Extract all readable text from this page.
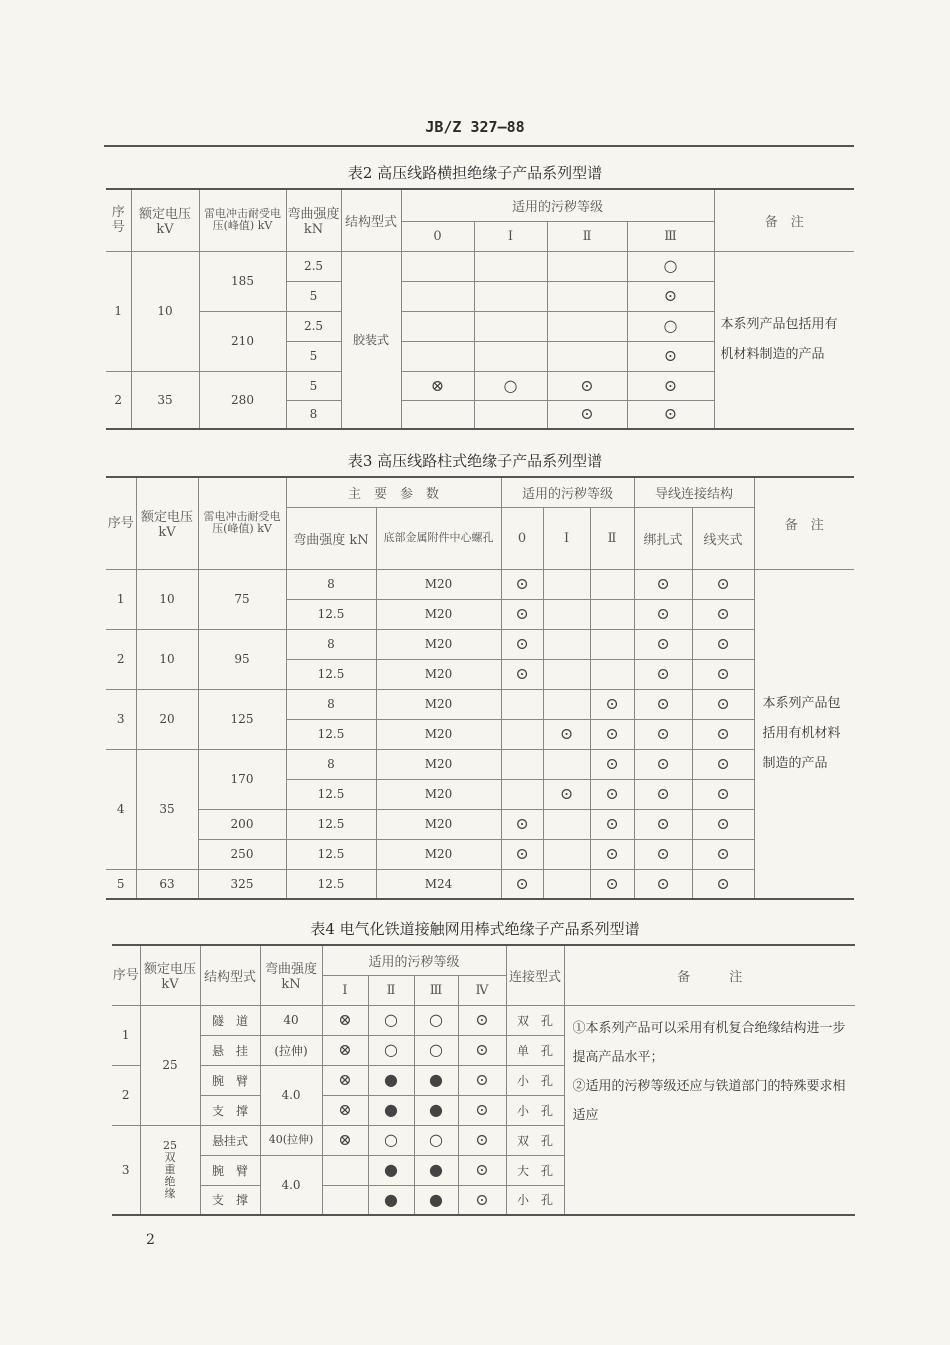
JB/Z 327—88
表2 高压线路横担绝缘子产品系列型谱
序号	额定电压 kV	雷电冲击耐受电压(峰值) kV	弯曲强度 kN	结构型式	适用的污秽等级				备　注
					0	Ⅰ	Ⅱ	Ⅲ	
1	10	185	2.5	胶装式				○	本系列产品包括用有机材料制造的产品
			5					⊙	
		210	2.5					○	
			5					⊙	
2	35	280	5		⊗	○	⊙	⊙	
			8				⊙	⊙	
表3 高压线路柱式绝缘子产品系列型谱
序号	额定电压 kV	雷电冲击耐受电压(峰值) kV	主　要　参　数		适用的污秽等级			导线连接结构		备　注
			弯曲强度 kN	底部金属附件中心螺孔	0	Ⅰ	Ⅱ	绑扎式	线夹式	
1	10	75	8	M20	⊙			⊙	⊙	本系列产品包括用有机材料制造的产品
			12.5	M20	⊙			⊙	⊙	
2	10	95	8	M20	⊙			⊙	⊙	
			12.5	M20	⊙			⊙	⊙	
3	20	125	8	M20			⊙	⊙	⊙	
			12.5	M20		⊙	⊙	⊙	⊙	
4	35	170	8	M20			⊙	⊙	⊙	
			12.5	M20		⊙	⊙	⊙	⊙	
		200	12.5	M20	⊙		⊙	⊙	⊙	
		250	12.5	M20	⊙		⊙	⊙	⊙	
5	63	325	12.5	M24	⊙		⊙	⊙	⊙	
表4 电气化铁道接触网用棒式绝缘子产品系列型谱
序号	额定电压 kV	结构型式	弯曲强度 kN	适用的污秽等级				连接型式	备　　　注
				Ⅰ	Ⅱ	Ⅲ	Ⅳ		
1	25	隧　道	40	⊗	○	○	⊙	双　孔	①本系列产品可以采用有机复合绝缘结构进一步提高产品水平；
②适用的污秽等级还应与铁道部门的特殊要求相适应

		悬　挂	(拉伸)	⊗	○	○	⊙	单　孔	
2		腕　臂	4.0	⊗	●	●	⊙	小　孔	
		支　撑		⊗	●	●	⊙	小　孔	
3	25双重绝缘	悬挂式	40(拉伸)	⊗	○	○	⊙	双　孔	
		腕　臂	4.0		●	●	⊙	大　孔	
		支　撑			●	●	⊙	小　孔	
2
